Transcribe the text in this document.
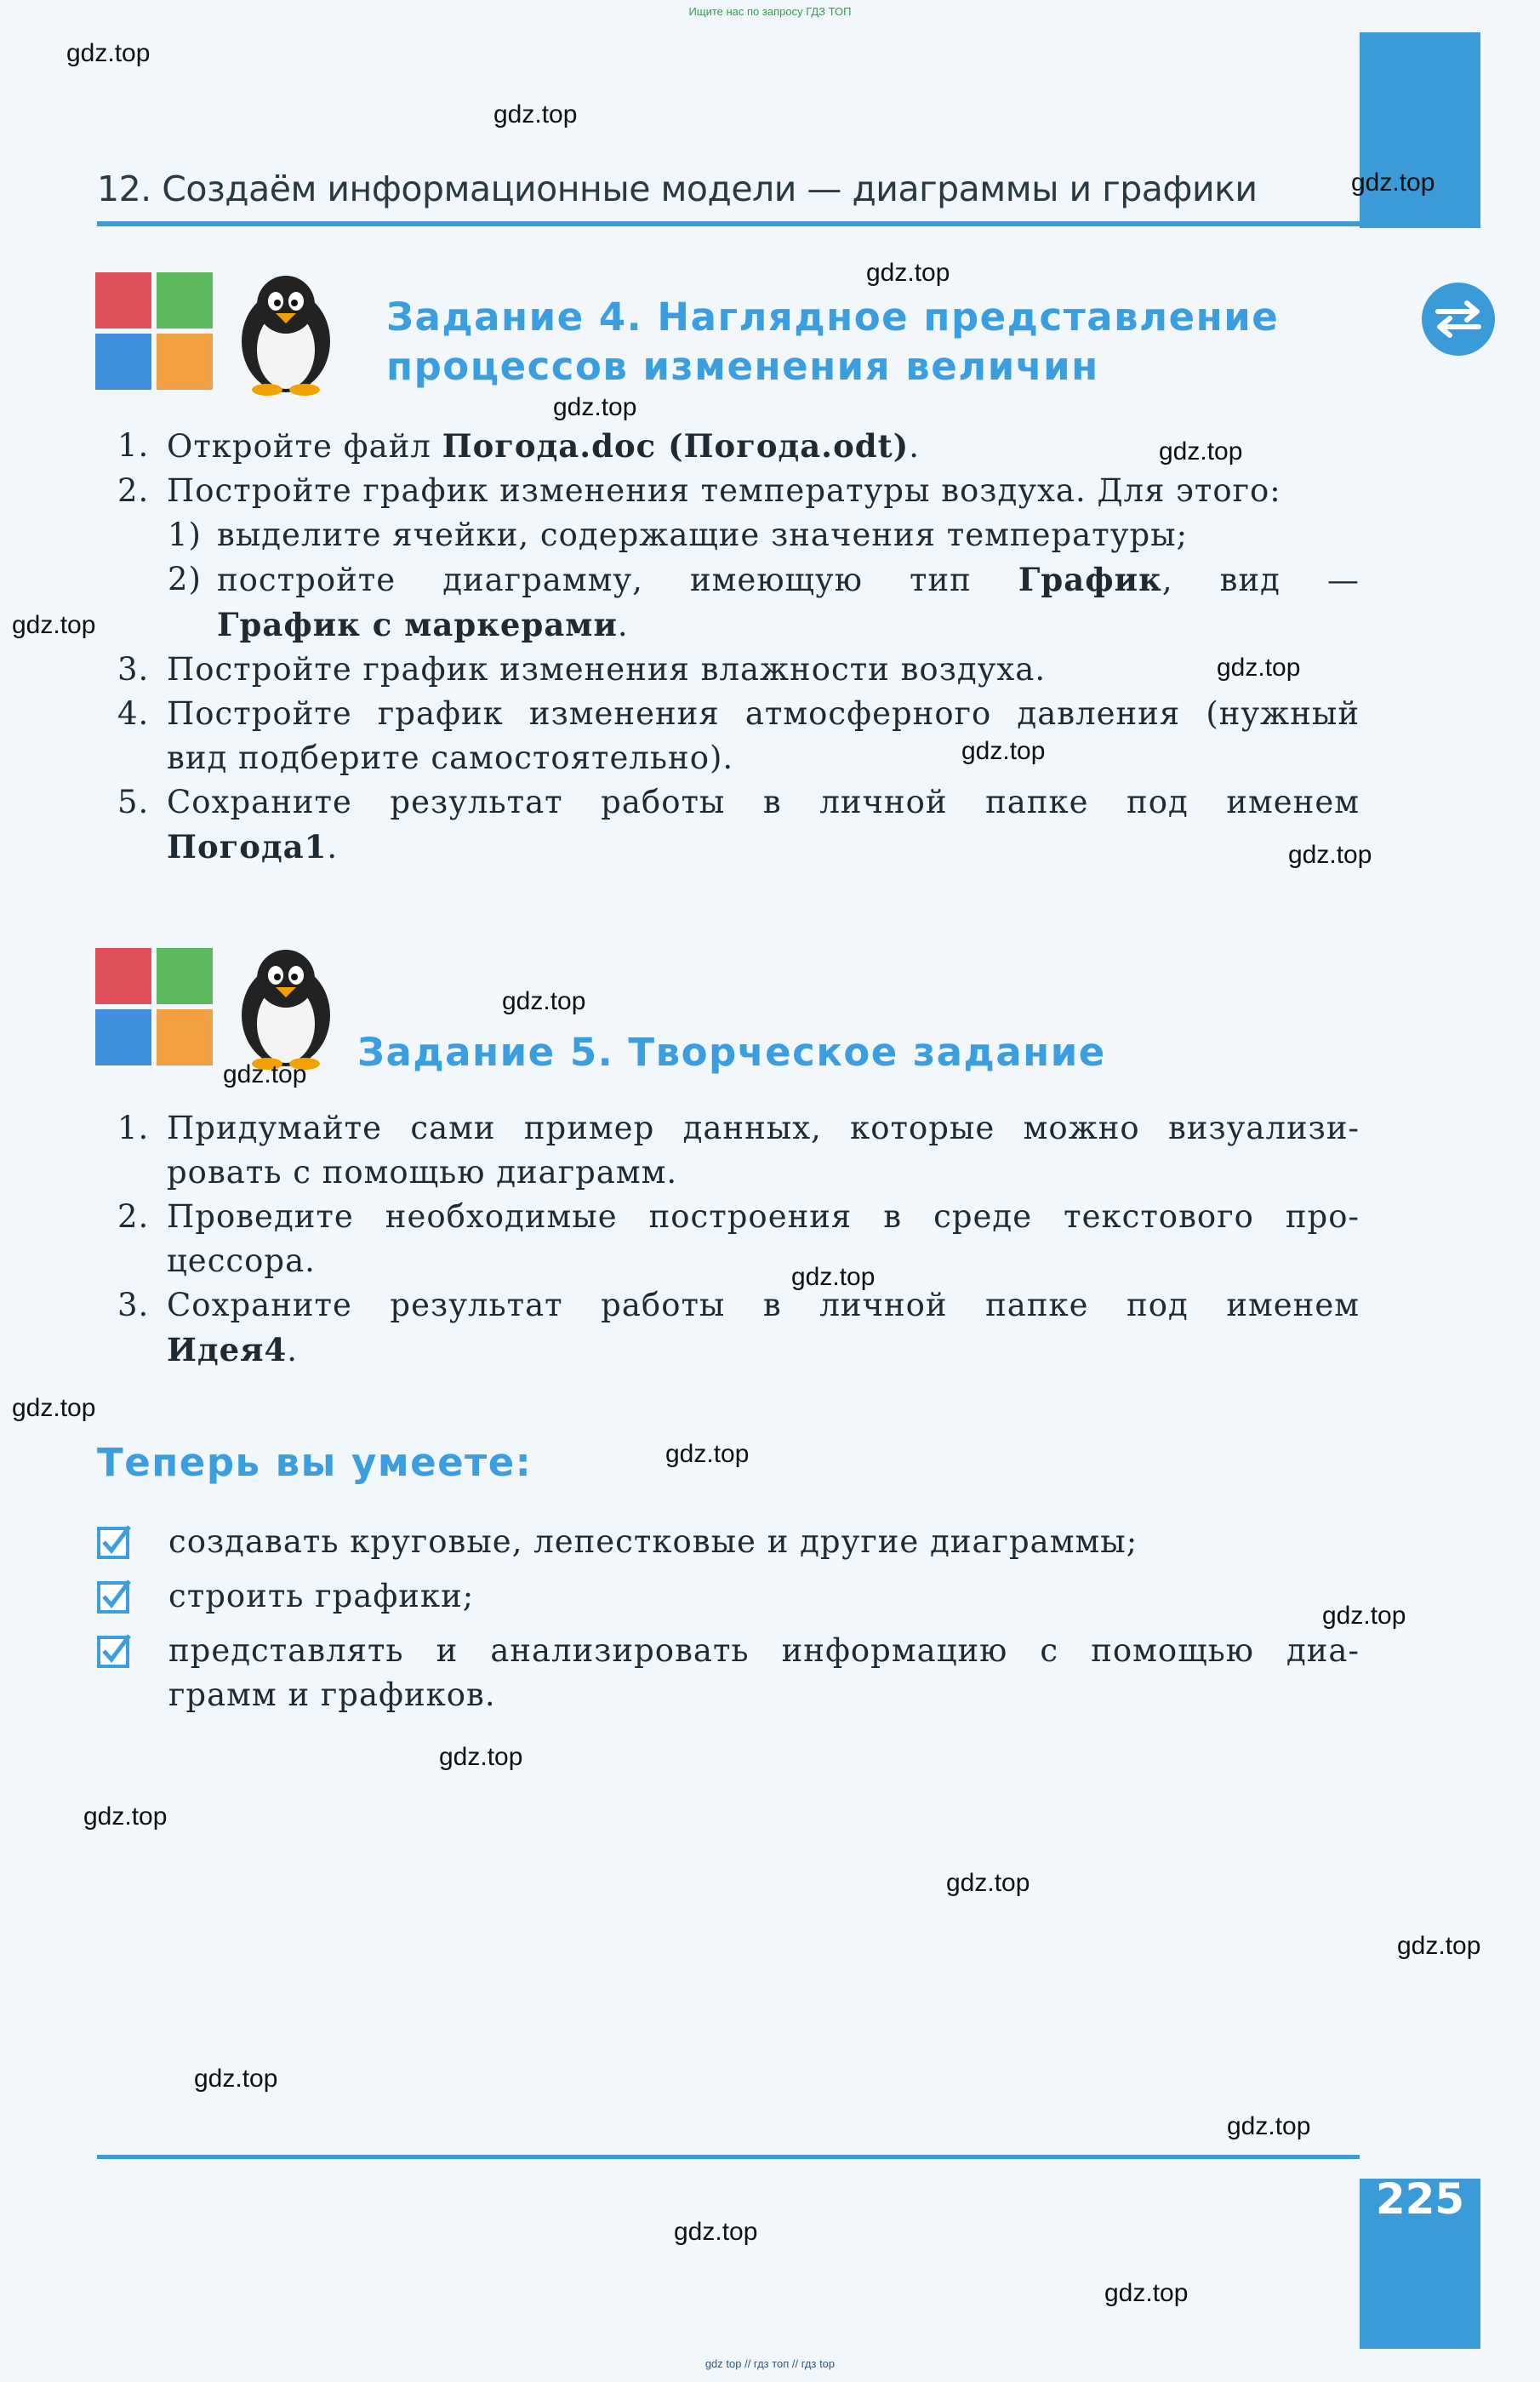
Ищите нас по запросу ГДЗ ТОП
12. Создаём информационные модели — диаграммы и графики
Задание 4. Наглядное представление
процессов изменения величин
1. Откройте файл Погода.doc (Погода.odt).
2. Постройте график изменения температуры воздуха. Для этого:
1) выделите ячейки, содержащие значения температуры;
2) постройте диаграмму, имеющую тип График, вид —
График с маркерами.
3. Постройте график изменения влажности воздуха.
4. Постройте график изменения атмосферного давления (нужный
вид подберите самостоятельно).
5. Сохраните результат работы в личной папке под именем
Погода1.
Задание 5. Творческое задание
1. Придумайте сами пример данных, которые можно визуализи-
ровать с помощью диаграмм.
2. Проведите необходимые построения в среде текстового про-
цессора.
3. Сохраните результат работы в личной папке под именем
Идея4.
Теперь вы умеете:
создавать круговые, лепестковые и другие диаграммы;
строить графики;
представлять и анализировать информацию с помощью диа-
грамм и графиков.
225
gdz.top
gdz.top
gdz.top
gdz.top
gdz.top
gdz.top
gdz.top
gdz.top
gdz.top
gdz.top
gdz.top
gdz.top
gdz.top
gdz.top
gdz.top
gdz.top
gdz.top
gdz.top
gdz.top
gdz.top
gdz.top
gdz.top
gdz.top
gdz.top
gdz top // гдз топ // гдз top
